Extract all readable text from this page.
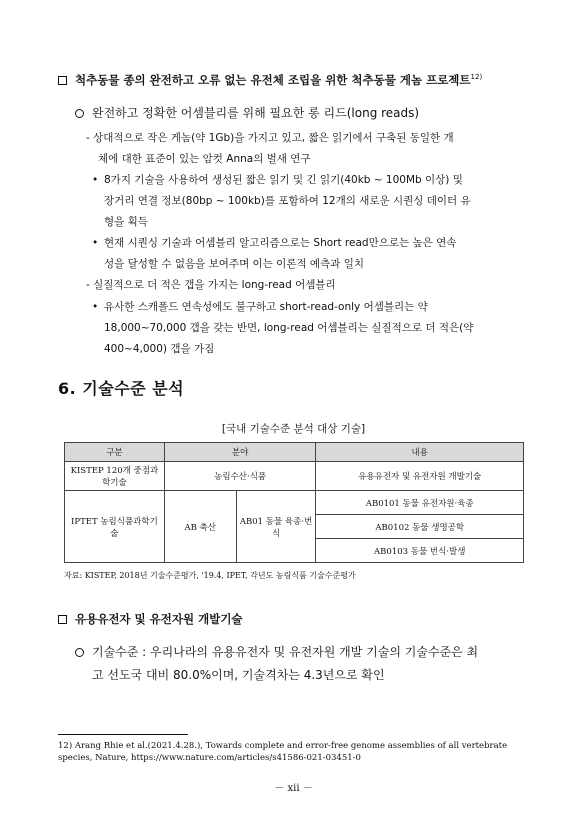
척추동물 종의 완전하고 오류 없는 유전체 조립을 위한 척추동물 게놈 프로젝트$^{12)}$
완전하고 정확한 어셈블리를 위해 필요한 롱 리드(long reads)
- 상대적으로 작은 게놈(약 1Gb)을 가지고 있고, 짧은 읽기에서 구축된 동일한 개
체에 대한 표준이 있는 암컷 Anna의 벌새 연구
• 8가지 기술을 사용하여 생성된 짧은 읽기 및 긴 읽기(40kb ~ 100Mb 이상) 및
장거리 연결 정보(80bp ~ 100kb)를 포함하여 12개의 새로운 시퀀싱 데이터 유
형을 획득
• 현재 시퀀싱 기술과 어셈블리 알고리즘으로는 Short read만으로는 높은 연속
성을 달성할 수 없음을 보여주며 이는 이론적 예측과 일치
- 실질적으로 더 적은 갭을 가지는 long-read 어셈블리
• 유사한 스캐폴드 연속성에도 불구하고 short-read-only 어셈블리는 약
18,000~70,000 갭을 갖는 반면, long-read 어셈블리는 실질적으로 더 적은(약
400~4,000) 갭을 가짐
6. 기술수준 분석
[국내 기술수준 분석 대상 기술]
구분	분야		내용
KISTEP 120개 중점과학기술	농림수산·식품		유용유전자 및 유전자원 개발기술
IPTET 농림식품과학기술	AB 축산	AB01 동물 육종·번식	AB0101 동물 유전자원·육종
			AB0102 동물 생명공학
			AB0103 동물 번식·발생
자료: KISTEP, 2018년 기술수준평가, '19.4, IPET, 각년도 농림식품 기술수준평가
유용유전자 및 유전자원 개발기술
기술수준 : 우리나라의 유용유전자 및 유전자원 개발 기술의 기술수준은 최
고 선도국 대비 80.0%이며, 기술격차는 4.3년으로 확인
12) Arang Rhie et al.(2021.4.28.), Towards complete and error-free genome assemblies of all vertebrate species, Nature, https://www.nature.com/articles/s41586-021-03451-0
－ xii －
